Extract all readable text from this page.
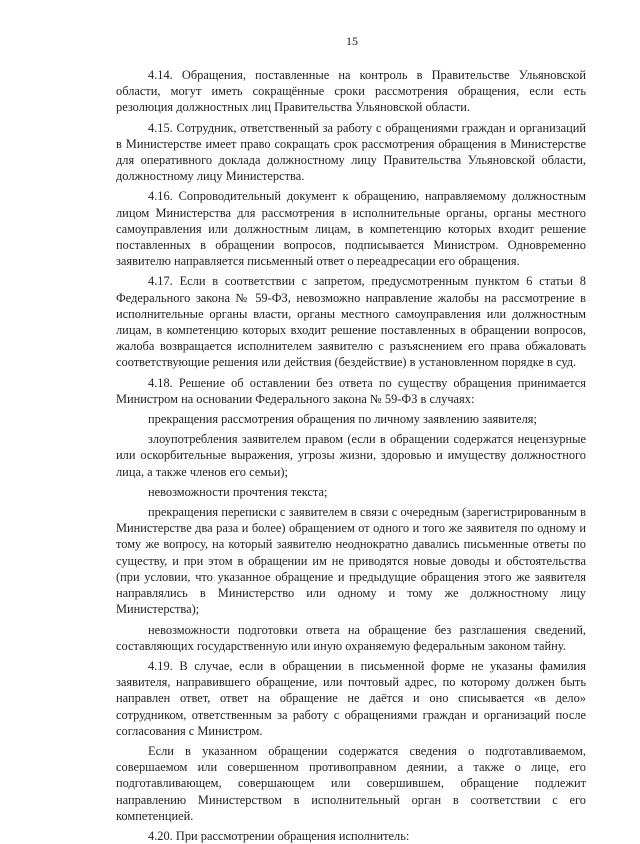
15

4.14. Обращения, поставленные на контроль в Правительстве Ульяновской области, могут иметь сокращённые сроки рассмотрения обращения, если есть резолюция должностных лиц Правительства Ульяновской области.

4.15. Сотрудник, ответственный за работу с обращениями граждан и организаций в Министерстве имеет право сокращать срок рассмотрения обращения в Министерстве для оперативного доклада должностному лицу Правительства Ульяновской области, должностному лицу Министерства.

4.16. Сопроводительный документ к обращению, направляемому должностным лицом Министерства для рассмотрения в исполнительные органы, органы местного самоуправления или должностным лицам, в компетенцию которых входит решение поставленных в обращении вопросов, подписывается Министром. Одновременно заявителю направляется письменный ответ о переадресации его обращения.

4.17. Если в соответствии с запретом, предусмотренным пунктом 6 статьи 8 Федерального закона № 59-ФЗ, невозможно направление жалобы на рассмотрение в исполнительные органы власти, органы местного самоуправления или должностным лицам, в компетенцию которых входит решение поставленных в обращении вопросов, жалоба возвращается исполнителем заявителю с разъяснением его права обжаловать соответствующие решения или действия (бездействие) в установленном порядке в суд.

4.18. Решение об оставлении без ответа по существу обращения принимается Министром на основании Федерального закона № 59-ФЗ в случаях:

прекращения рассмотрения обращения по личному заявлению заявителя;

злоупотребления заявителем правом (если в обращении содержатся нецензурные или оскорбительные выражения, угрозы жизни, здоровью и имуществу должностного лица, а также членов его семьи);

невозможности прочтения текста;

прекращения переписки с заявителем в связи с очередным (зарегистрированным в Министерстве два раза и более) обращением от одного и того же заявителя по одному и тому же вопросу, на который заявителю неоднократно давались письменные ответы по существу, и при этом в обращении им не приводятся новые доводы и обстоятельства (при условии, что указанное обращение и предыдущие обращения этого же заявителя направлялись в Министерство или одному и тому же должностному лицу Министерства);

невозможности подготовки ответа на обращение без разглашения сведений, составляющих государственную или иную охраняемую федеральным законом тайну.

4.19. В случае, если в обращении в письменной форме не указаны фамилия заявителя, направившего обращение, или почтовый адрес, по которому должен быть направлен ответ, ответ на обращение не даётся и оно списывается «в дело» сотрудником, ответственным за работу с обращениями граждан и организаций после согласования с Министром.

Если в указанном обращении содержатся сведения о подготавливаемом, совершаемом или совершенном противоправном деянии, а также о лице, его подготавливающем, совершающем или совершившем, обращение подлежит направлению Министерством в исполнительный орган в соответствии с его компетенцией.

4.20. При рассмотрении обращения исполнитель:
